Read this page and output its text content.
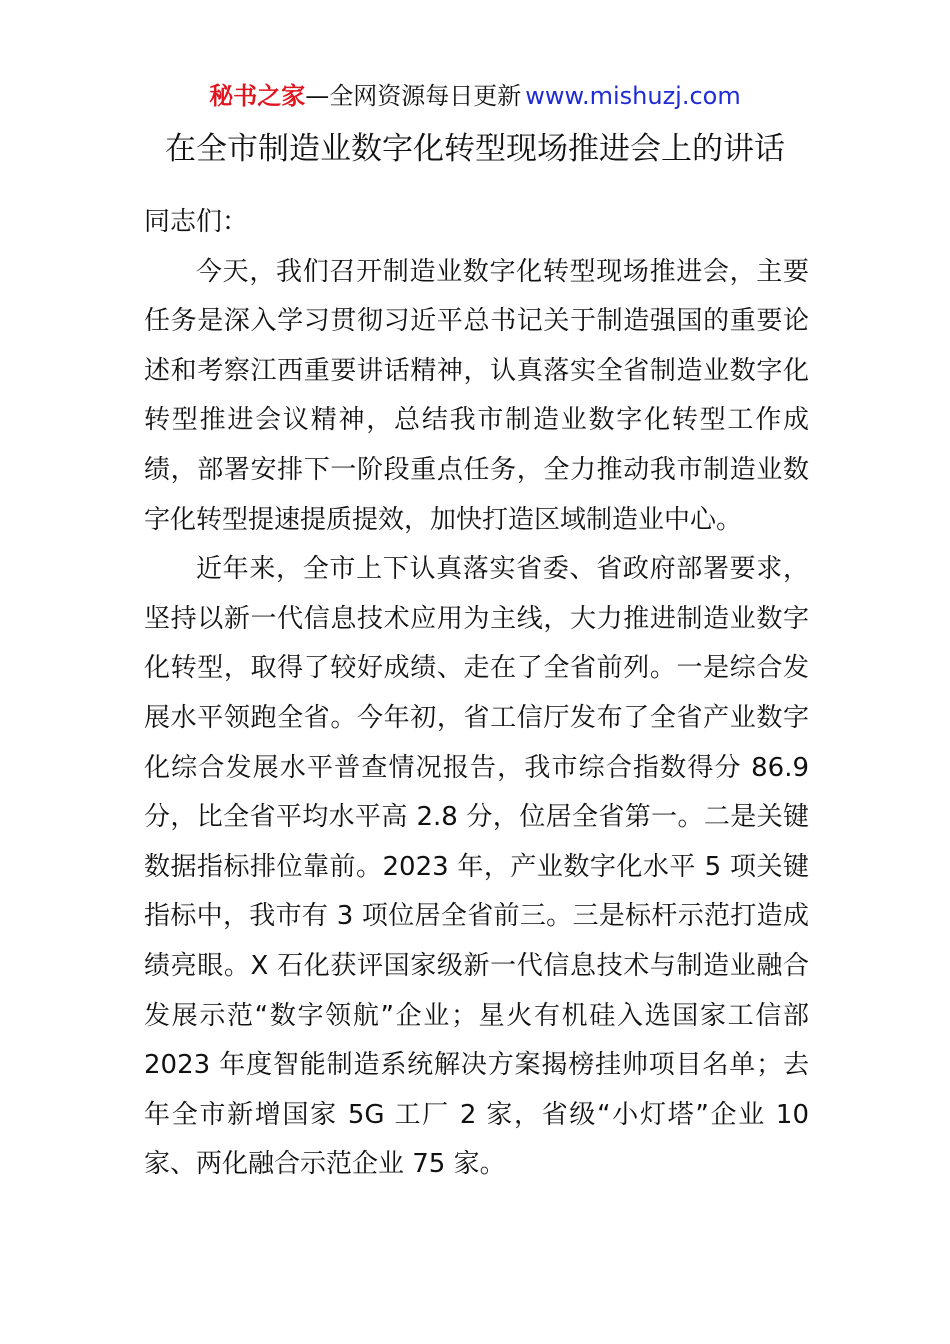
秘书之家—全网资源每日更新 www.mishuzj.com
在全市制造业数字化转型现场推进会上的讲话

同志们：

今天，我们召开制造业数字化转型现场推进会，主要任务是深入学习贯彻习近平总书记关于制造强国的重要论述和考察江西重要讲话精神，认真落实全省制造业数字化转型推进会议精神，总结我市制造业数字化转型工作成绩，部署安排下一阶段重点任务，全力推动我市制造业数字化转型提速提质提效，加快打造区域制造业中心。

近年来，全市上下认真落实省委、省政府部署要求，坚持以新一代信息技术应用为主线，大力推进制造业数字化转型，取得了较好成绩、走在了全省前列。一是综合发展水平领跑全省。今年初，省工信厅发布了全省产业数字化综合发展水平普查情况报告，我市综合指数得分 86.9 分，比全省平均水平高 2.8 分，位居全省第一。二是关键数据指标排位靠前。2023 年，产业数字化水平 5 项关键指标中，我市有 3 项位居全省前三。三是标杆示范打造成绩亮眼。X 石化获评国家级新一代信息技术与制造业融合发展示范“数字领航”企业；星火有机硅入选国家工信部 2023 年度智能制造系统解决方案揭榜挂帅项目名单；去年全市新增国家 5G 工厂 2 家，省级“小灯塔”企业 10 家、两化融合示范企业 75 家。
